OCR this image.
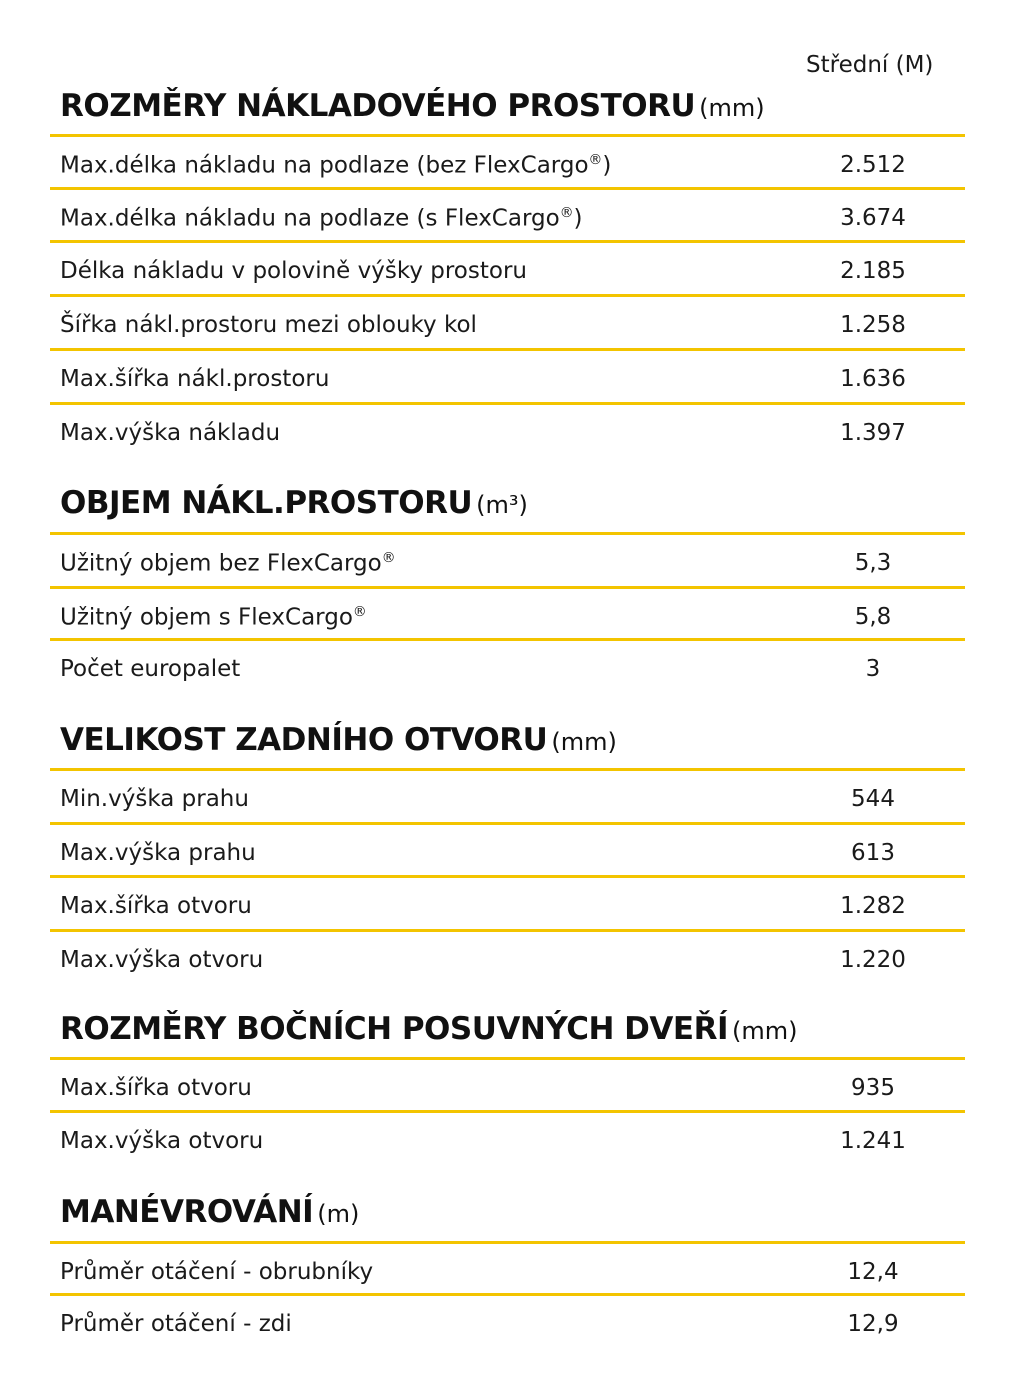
Střední (M)
ROZMĚRY NÁKLADOVÉHO PROSTORU (mm)
Max.délka nákladu na podlaze (bez FlexCargo®)	2.512
Max.délka nákladu na podlaze (s FlexCargo®)	3.674
Délka nákladu v polovině výšky prostoru	2.185
Šířka nákl.prostoru mezi oblouky kol	1.258
Max.šířka nákl.prostoru	1.636
Max.výška nákladu	1.397
OBJEM NÁKL.PROSTORU (m³)
Užitný objem bez FlexCargo®	5,3
Užitný objem s FlexCargo®	5,8
Počet europalet	3
VELIKOST ZADNÍHO OTVORU (mm)
Min.výška prahu	544
Max.výška prahu	613
Max.šířka otvoru	1.282
Max.výška otvoru	1.220
ROZMĚRY BOČNÍCH POSUVNÝCH DVEŘÍ (mm)
Max.šířka otvoru	935
Max.výška otvoru	1.241
MANÉVROVÁNÍ (m)
Průměr otáčení - obrubníky	12,4
Průměr otáčení - zdi	12,9
